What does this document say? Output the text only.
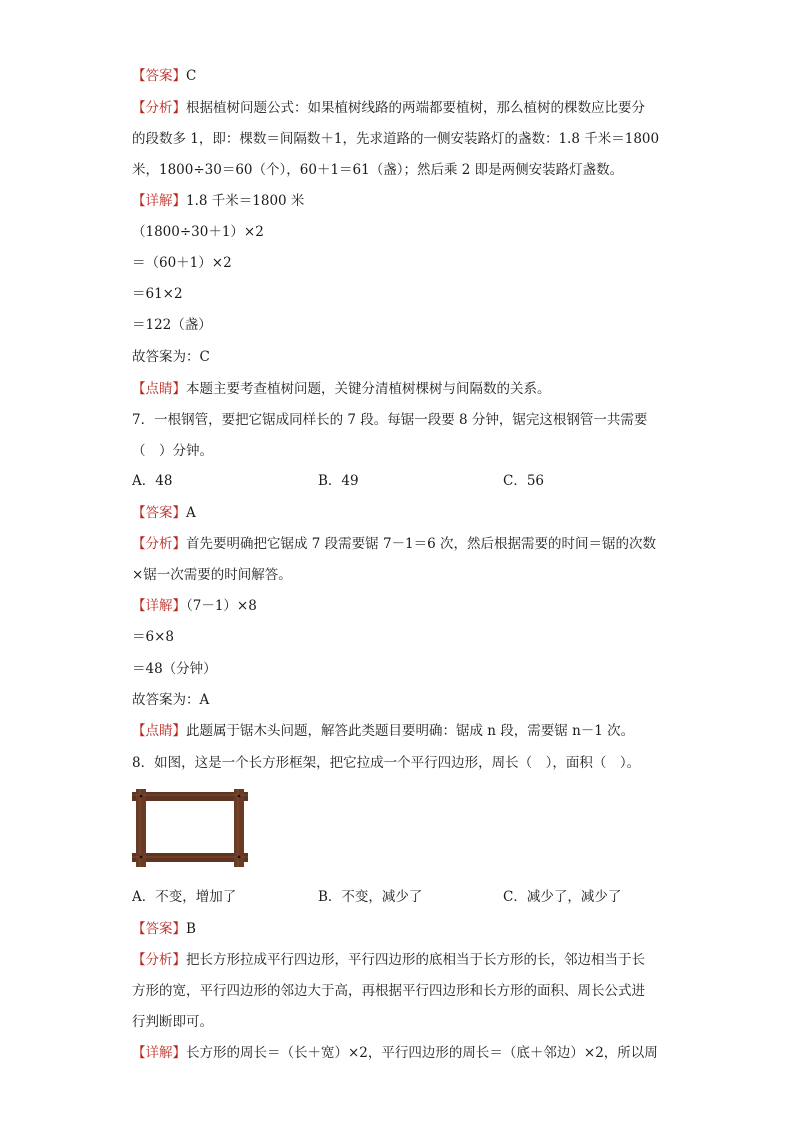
【答案】C
【分析】根据植树问题公式：如果植树线路的两端都要植树，那么植树的棵数应比要分
的段数多 1，即：棵数＝间隔数＋1，先求道路的一侧安装路灯的盏数：1.8 千米＝1800
米，1800÷30＝60（个），60＋1＝61（盏）；然后乘 2 即是两侧安装路灯盏数。
【详解】1.8 千米＝1800 米
（1800÷30＋1）×2
＝（60＋1）×2
＝61×2
＝122（盏）
故答案为：C
【点睛】本题主要考查植树问题，关键分清植树棵树与间隔数的关系。
7．一根钢管，要把它锯成同样长的 7 段。每锯一段要 8 分钟，锯完这根钢管一共需要
（　）分钟。
A．48	B．49	C．56
【答案】A
【分析】首先要明确把它锯成 7 段需要锯 7－1＝6 次，然后根据需要的时间＝锯的次数
×锯一次需要的时间解答。
【详解】（7－1）×8
＝6×8
＝48（分钟）
故答案为：A
【点睛】此题属于锯木头问题，解答此类题目要明确：锯成 n 段，需要锯 n－1 次。
8．如图，这是一个长方形框架，把它拉成一个平行四边形，周长（　），面积（　）。
A．不变，增加了	B．不变，减少了	C．减少了，减少了
【答案】B
【分析】把长方形拉成平行四边形，平行四边形的底相当于长方形的长，邻边相当于长
方形的宽，平行四边形的邻边大于高，再根据平行四边形和长方形的面积、周长公式进
行判断即可。
【详解】长方形的周长＝（长＋宽）×2，平行四边形的周长＝（底＋邻边）×2，所以周
